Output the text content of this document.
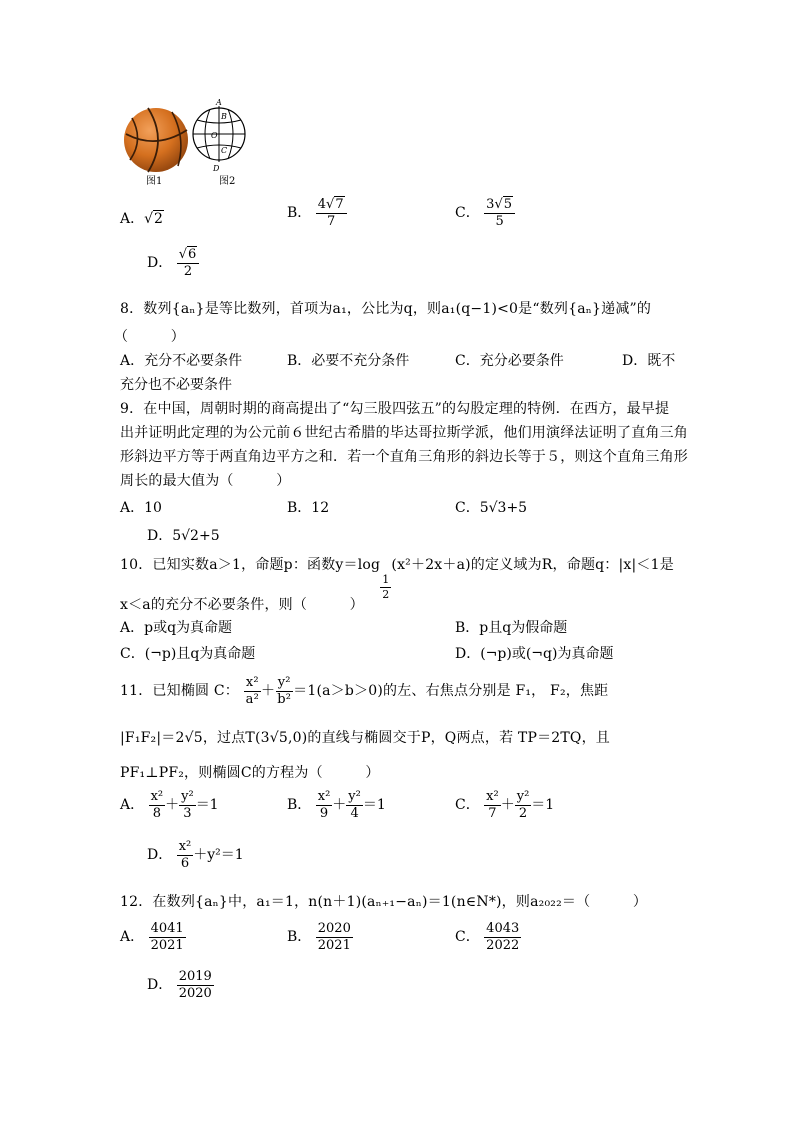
图1
A
B
O
C
D
图2
A．√2	B． $\frac{4√7}{7}$	C． $\frac{3√5}{5}$
D． $\frac{√6}{2}$
8．数列{aₙ}是等比数列，首项为a₁，公比为q，则a₁(q−1)<0是“数列{aₙ}递减”的
（　　　）
A．充分不必要条件	B．必要不充分条件	C．充分必要条件	D．既不
充分也不必要条件
9．在中国，周朝时期的商高提出了“勾三股四弦五”的勾股定理的特例．在西方，最早提
出并证明此定理的为公元前６世纪古希腊的毕达哥拉斯学派，他们用演绎法证明了直角三角
形斜边平方等于两直角边平方之和．若一个直角三角形的斜边长等于５，则这个直角三角形
周长的最大值为（　　　）
A．10	B．12	C．5√3+5
D．5√2+5
10．已知实数a＞1，命题p：函数y＝log
$\frac{1}{2}$
(x²＋2x＋a)的定义域为R，命题q：|x|＜1是
x＜a的充分不必要条件，则（　　　）
A．p或q为真命题	B．p且q为假命题
C．(¬p)且q为真命题	D．(¬p)或(¬q)为真命题
11．已知椭圆 C： $\frac{\text{x²}}{\text{a²}} + \frac{\text{y²}}{\text{b²}} =1(a>b>0)$的左、右焦点分别是 F₁， F₂，焦距
|F₁F₂|＝2√5，过点T(3√5,0)的直线与椭圆交于P，Q两点，若 TP＝2TQ，且
PF₁⊥PF₂，则椭圆C的方程为（　　　）
A． $\frac{\text{x²}}{8} + \frac{\text{y²}}{3} =1$	B． $\frac{\text{x²}}{9} + \frac{\text{y²}}{4} =1$	C． $\frac{\text{x²}}{7} + \frac{\text{y²}}{2} =1$
D． $\frac{\text{x²}}{6} +y^2=1$
12．在数列{aₙ}中，a₁＝1，n(n＋1)(aₙ₊₁−aₙ)＝1(n∈N*)，则a₂₀₂₂＝（　　　）
A． $\frac{4041}{2021}$	B． $\frac{2020}{2021}$	C． $\frac{4043}{2022}$
D． $\frac{2019}{2020}$
